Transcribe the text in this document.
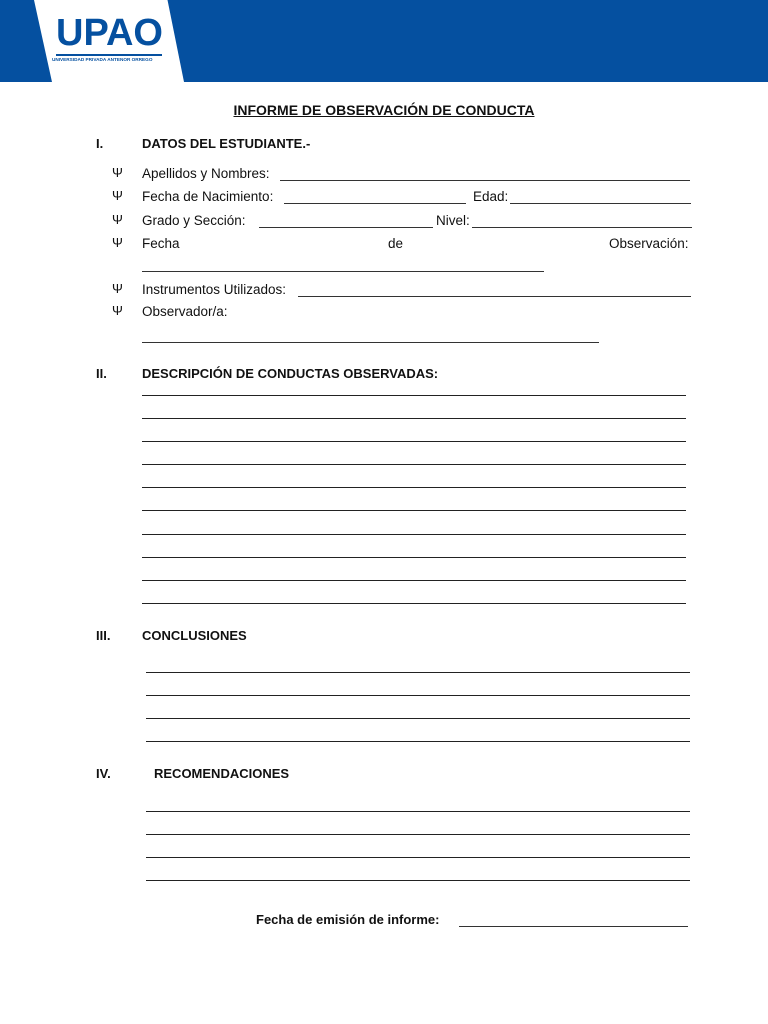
UPAO
UNIVERSIDAD PRIVADA ANTENOR ORREGO
INFORME DE OBSERVACIÓN DE CONDUCTA
I.	DATOS DEL ESTUDIANTE.-
Ψ Apellidos y Nombres:
Ψ Fecha de Nacimiento:	Edad:
Ψ Grado y Sección:	Nivel:
Ψ Fecha	de	Observación:
Ψ Instrumentos Utilizados:
Ψ Observador/a:
II.	DESCRIPCIÓN DE CONDUCTAS OBSERVADAS:
III. CONCLUSIONES
IV.	RECOMENDACIONES
Fecha de emisión de informe:
